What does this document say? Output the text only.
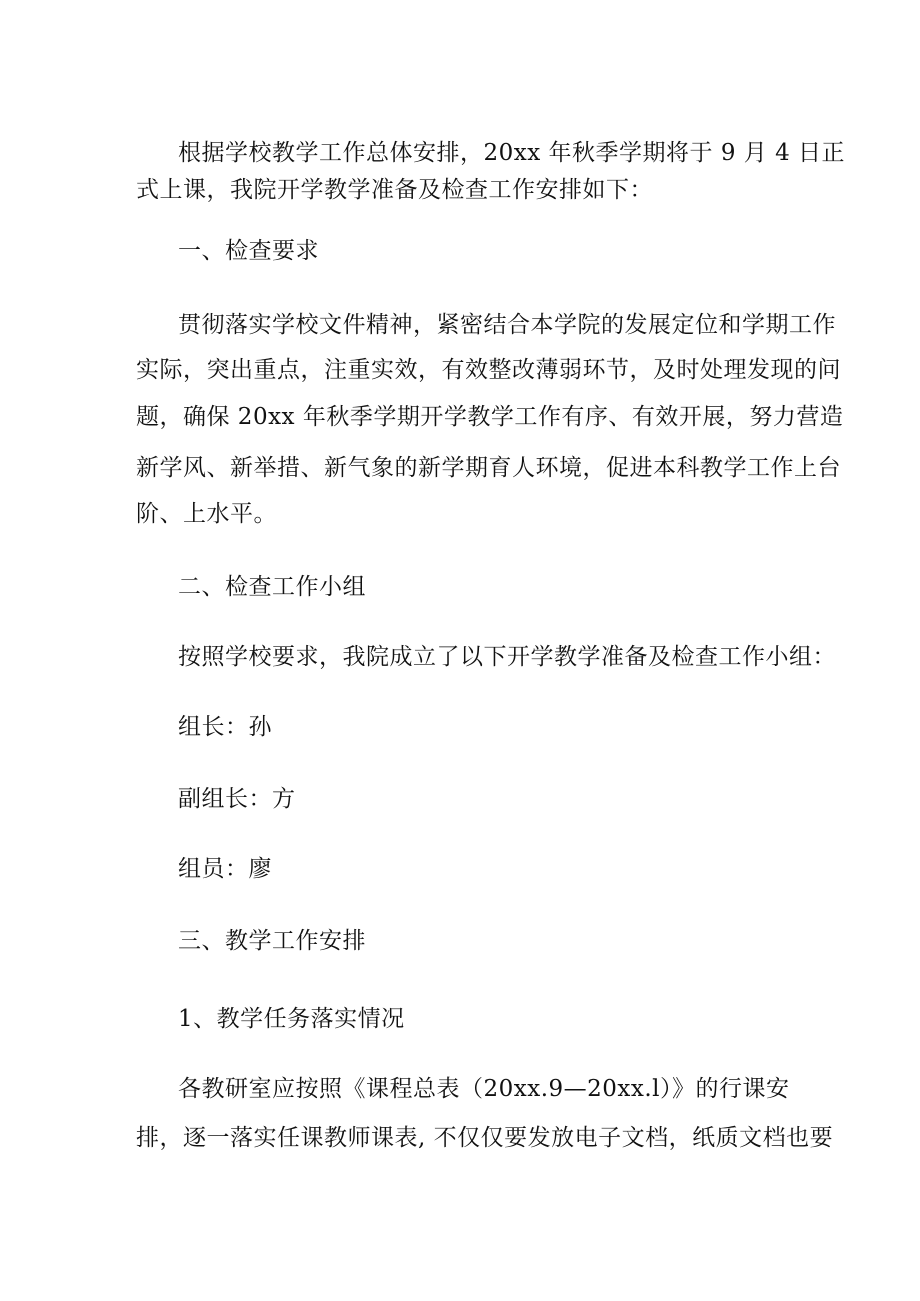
根据学校教学工作总体安排，20xx 年秋季学期将于 9 月 4 日正
式上课，我院开学教学准备及检查工作安排如下：
一、检查要求
贯彻落实学校文件精神，紧密结合本学院的发展定位和学期工作
实际，突出重点，注重实效，有效整改薄弱环节，及时处理发现的问
题，确保 20xx 年秋季学期开学教学工作有序、有效开展，努力营造
新学风、新举措、新气象的新学期育人环境，促进本科教学工作上台
阶、上水平。
二、检查工作小组
按照学校要求，我院成立了以下开学教学准备及检查工作小组：
组长：孙
副组长：方
组员：廖
三、教学工作安排
1、教学任务落实情况
各教研室应按照《课程总表（20xx.9—20xx.l）》的行课安
排，逐一落实任课教师课表, 不仅仅要发放电子文档，纸质文档也要
